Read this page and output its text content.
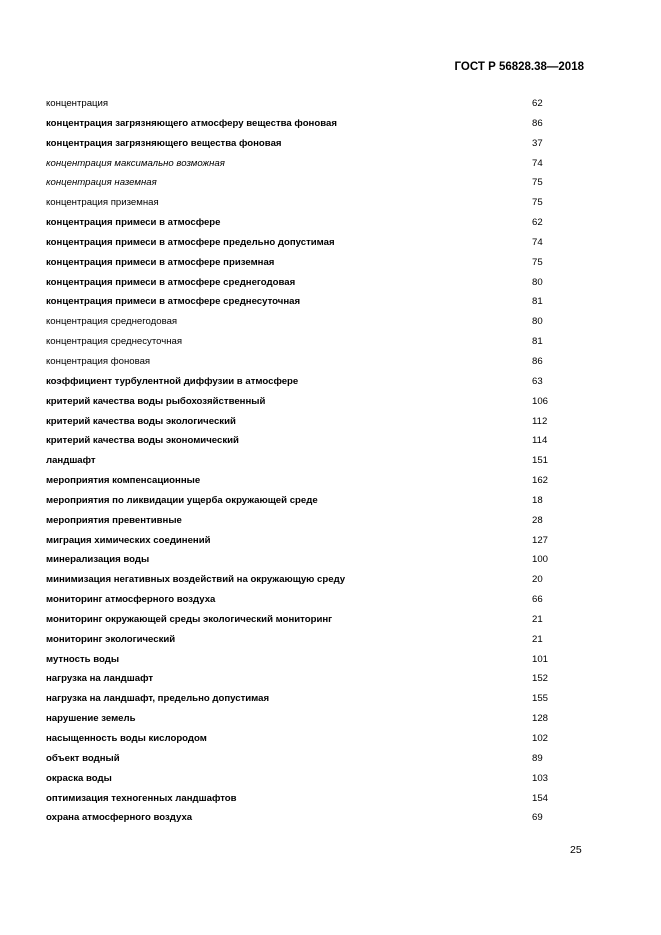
ГОСТ Р 56828.38—2018
концентрация	62
концентрация загрязняющего атмосферу вещества фоновая	86
концентрация загрязняющего вещества фоновая	37
концентрация максимально возможная	74
концентрация наземная	75
концентрация приземная	75
концентрация примеси в атмосфере	62
концентрация примеси в атмосфере предельно допустимая	74
концентрация примеси в атмосфере приземная	75
концентрация примеси в атмосфере среднегодовая	80
концентрация примеси в атмосфере среднесуточная	81
концентрация среднегодовая	80
концентрация среднесуточная	81
концентрация фоновая	86
коэффициент турбулентной диффузии в атмосфере	63
критерий качества воды рыбохозяйственный	106
критерий качества воды экологический	112
критерий качества воды экономический	114
ландшафт	151
мероприятия компенсационные	162
мероприятия по ликвидации ущерба окружающей среде	18
мероприятия превентивные	28
миграция химических соединений	127
минерализация воды	100
минимизация негативных воздействий на окружающую среду	20
мониторинг атмосферного воздуха	66
мониторинг окружающей среды экологический мониторинг	21
мониторинг экологический	21
мутность воды	101
нагрузка на ландшафт	152
нагрузка на ландшафт, предельно допустимая	155
нарушение земель	128
насыщенность воды кислородом	102
объект водный	89
окраска воды	103
оптимизация техногенных ландшафтов	154
охрана атмосферного воздуха	69
25
